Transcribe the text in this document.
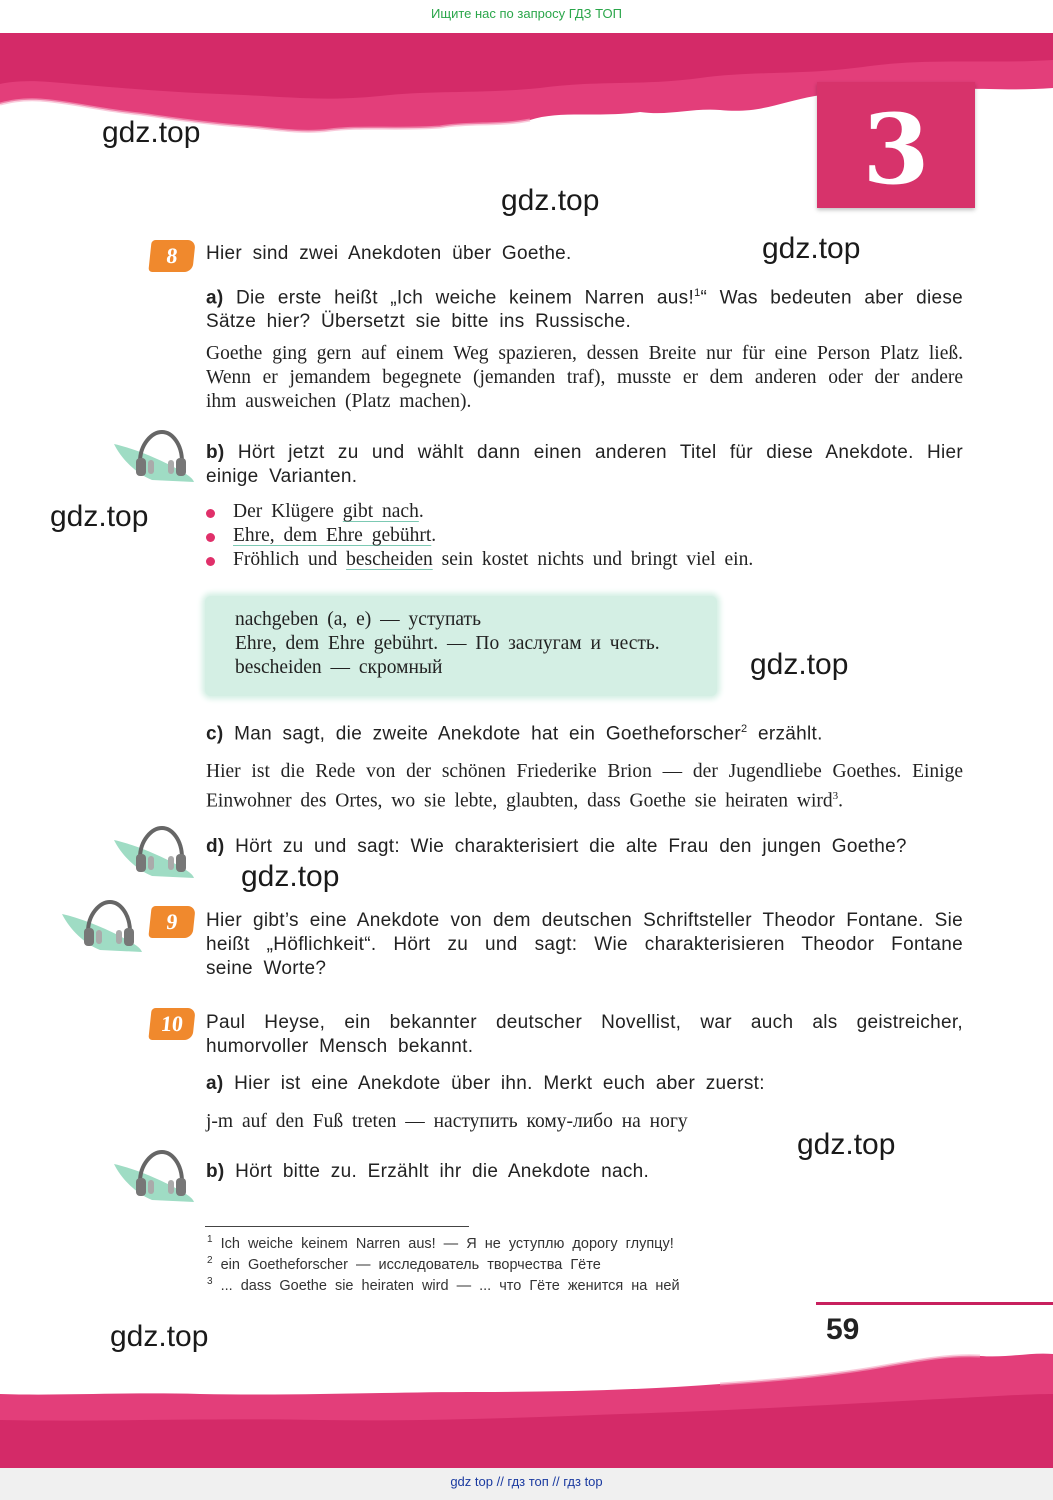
Ищите нас по запросу ГДЗ ТОП
3
gdz.top
gdz.top
gdz.top
gdz.top
gdz.top
gdz.top
gdz.top
gdz.top
8	Hier sind zwei Anekdoten über Goethe.
a) Die erste heißt „Ich weiche keinem Narren aus!$^1$“ Was bedeuten aber diese Sätze hier? Übersetzt sie bitte ins Russische.
Goethe ging gern auf einem Weg spazieren, dessen Breite nur für eine Person Platz ließ. Wenn er jemandem begegnete (jemanden traf), musste er dem anderen oder der andere ihm ausweichen (Platz machen).
b) Hört jetzt zu und wählt dann einen anderen Titel für diese Anekdote. Hier einige Varianten.
Der Klügere gibt nach.
Ehre, dem Ehre gebührt.
Fröhlich und bescheiden sein kostet nichts und bringt viel ein.
nachgeben (a, e) — уступать
Ehre, dem Ehre gebührt. — По заслугам и честь.
bescheiden — скромный
c) Man sagt, die zweite Anekdote hat ein Goetheforscher$^2$ erzählt.
Hier ist die Rede von der schönen Friederike Brion — der Jugendliebe Goethes. Einige Einwohner des Ortes, wo sie lebte, glaubten, dass Goethe sie heiraten wird$^3$.
d) Hört zu und sagt: Wie charakterisiert die alte Frau den jungen Goethe?
9	Hier gibt’s eine Anekdote von dem deutschen Schriftsteller Theodor Fontane. Sie heißt „Höflichkeit“. Hört zu und sagt: Wie charakterisieren Theodor Fontane seine Worte?
10	Paul Heyse, ein bekannter deutscher Novellist, war auch als geistreicher, humorvoller Mensch bekannt.
a) Hier ist eine Anekdote über ihn. Merkt euch aber zuerst:
j-m auf den Fuß treten — наступить кому-либо на ногу
b) Hört bitte zu. Erzählt ihr die Anekdote nach.
$^1$ Ich weiche keinem Narren aus! — Я не уступлю дорогу глупцу!
$^2$ ein Goetheforscher — исследователь творчества Гёте
$^3$ ... dass Goethe sie heiraten wird — ... что Гёте женится на ней
59
gdz top // гдз топ // гдз top
